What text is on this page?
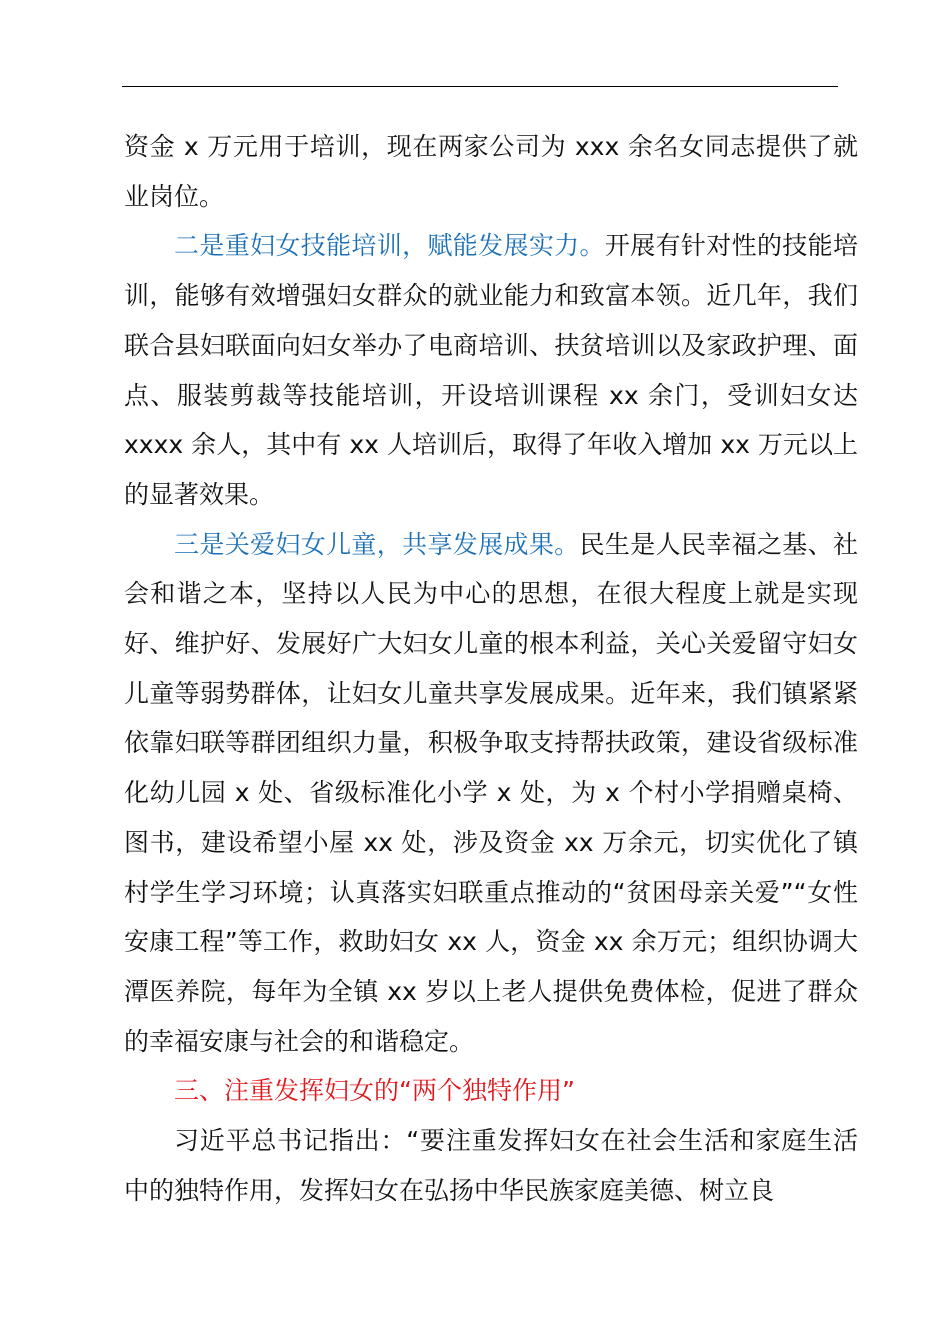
资金 x 万元用于培训，现在两家公司为 xxx 余名女同志提供了就业岗位。

二是重妇女技能培训，赋能发展实力。开展有针对性的技能培训，能够有效增强妇女群众的就业能力和致富本领。近几年，我们联合县妇联面向妇女举办了电商培训、扶贫培训以及家政护理、面点、服装剪裁等技能培训，开设培训课程 xx 余门，受训妇女达 xxxx 余人，其中有 xx 人培训后，取得了年收入增加 xx 万元以上的显著效果。

三是关爱妇女儿童，共享发展成果。民生是人民幸福之基、社会和谐之本，坚持以人民为中心的思想，在很大程度上就是实现好、维护好、发展好广大妇女儿童的根本利益，关心关爱留守妇女儿童等弱势群体，让妇女儿童共享发展成果。近年来，我们镇紧紧依靠妇联等群团组织力量，积极争取支持帮扶政策，建设省级标准化幼儿园 x 处、省级标准化小学 x 处，为 x 个村小学捐赠桌椅、图书，建设希望小屋 xx 处，涉及资金 xx 万余元，切实优化了镇村学生学习环境；认真落实妇联重点推动的“贫困母亲关爱”“女性安康工程”等工作，救助妇女 xx 人，资金 xx 余万元；组织协调大潭医养院，每年为全镇 xx 岁以上老人提供免费体检，促进了群众的幸福安康与社会的和谐稳定。

三、注重发挥妇女的“两个独特作用”

习近平总书记指出：“要注重发挥妇女在社会生活和家庭生活中的独特作用，发挥妇女在弘扬中华民族家庭美德、树立良
